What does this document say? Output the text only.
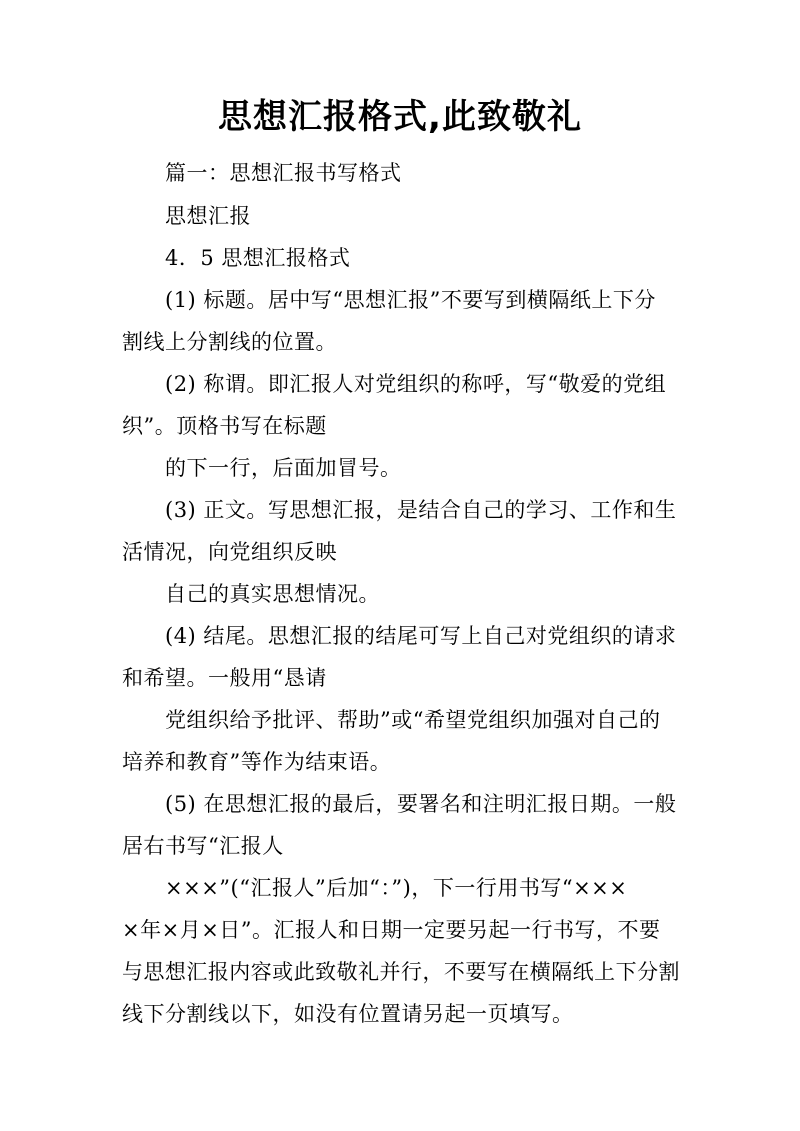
思想汇报格式,此致敬礼
篇一：思想汇报书写格式
思想汇报
4．5 思想汇报格式
(1) 标题。居中写“思想汇报”不要写到横隔纸上下分
割线上分割线的位置。
(2) 称谓。即汇报人对党组织的称呼，写“敬爱的党组
织”。顶格书写在标题
的下一行，后面加冒号。
(3) 正文。写思想汇报，是结合自己的学习、工作和生
活情况，向党组织反映
自己的真实思想情况。
(4) 结尾。思想汇报的结尾可写上自己对党组织的请求
和希望。一般用“恳请
党组织给予批评、帮助”或“希望党组织加强对自己的
培养和教育”等作为结束语。
(5) 在思想汇报的最后，要署名和注明汇报日期。一般
居右书写“汇报人
×××”(“汇报人”后加“：”)，下一行用书写“×××
×年×月×日”。汇报人和日期一定要另起一行书写，不要
与思想汇报内容或此致敬礼并行，不要写在横隔纸上下分割
线下分割线以下，如没有位置请另起一页填写。
